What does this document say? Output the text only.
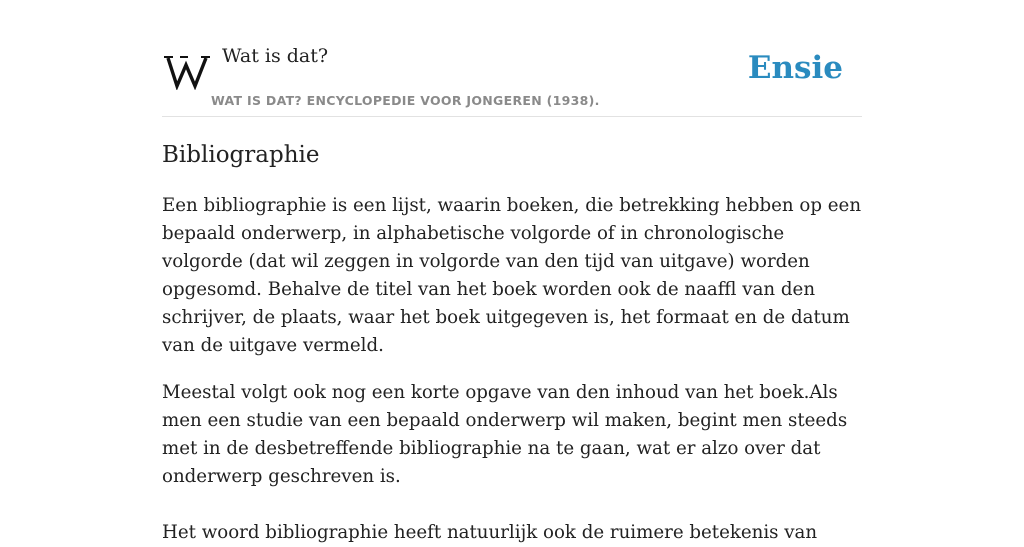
Wat is dat?
WAT IS DAT? ENCYCLOPEDIE VOOR JONGEREN (1938).
Ensie
Bibliographie

Een bibliographie is een lijst, waarin boeken, die betrekking hebben op een bepaald onderwerp, in alphabetische volgorde of in chronologische volgorde (dat wil zeggen in volgorde van den tijd van uitgave) worden opgesomd. Behalve de titel van het boek worden ook de naaffl van den schrijver, de plaats, waar het boek uitgegeven is, het formaat en de datum van de uitgave vermeld.

Meestal volgt ook nog een korte opgave van den inhoud van het boek.Als men een studie van een bepaald onderwerp wil maken, begint men steeds met in de desbetreffende bibliographie na te gaan, wat er alzo over dat onderwerp geschreven is.

Het woord bibliographie heeft natuurlijk ook de ruimere betekenis van
